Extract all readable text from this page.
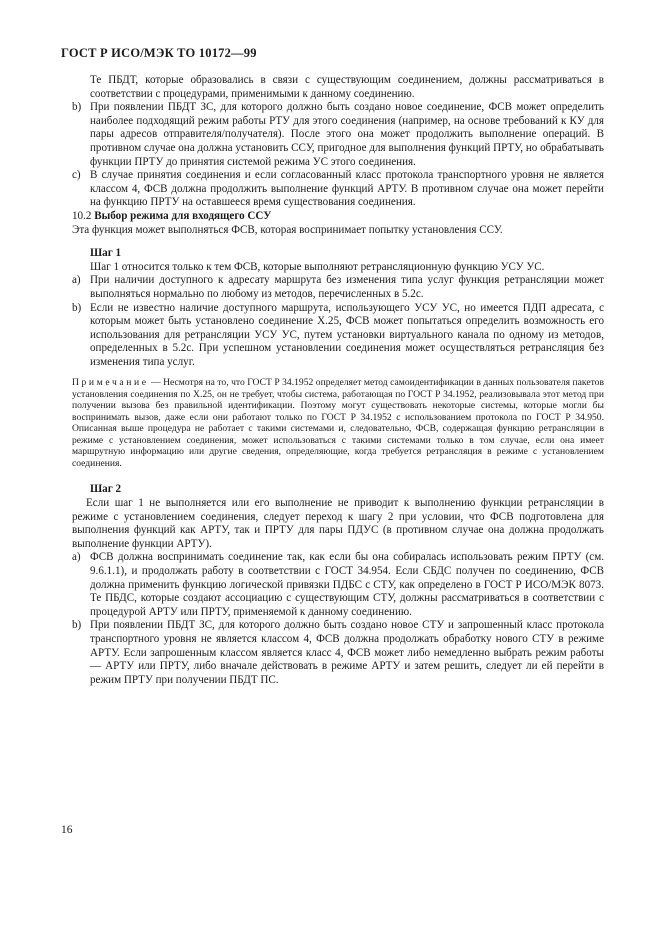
ГОСТ Р ИСО/МЭК ТО 10172—99

Те ПБДТ, которые образовались в связи с существующим соединением, должны рассматриваться в соответствии с процедурами, применимыми к данному соединению.

b) При появлении ПБДТ ЗС, для которого должно быть создано новое соединение, ФСВ может определить наиболее подходящий режим работы РТУ для этого соединения (например, на основе требований к КУ для пары адресов отправителя/получателя). После этого она может продолжить выполнение операций. В противном случае она должна установить ССУ, пригодное для выполнения функций ПРТУ, но обрабатывать функции ПРТУ до принятия системой режима УС этого соединения.
c) В случае принятия соединения и если согласованный класс протокола транспортного уровня не является классом 4, ФСВ должна продолжить выполнение функций АРТУ. В противном случае она может перейти на функцию ПРТУ на оставшееся время существования соединения.

10.2 Выбор режима для входящего ССУ

Эта функция может выполняться ФСВ, которая воспринимает попытку установления ССУ.

Шаг 1

Шаг 1 относится только к тем ФСВ, которые выполняют ретрансляционную функцию УСУ УС.

a) При наличии доступного к адресату маршрута без изменения типа услуг функция ретрансляции может выполняться нормально по любому из методов, перечисленных в 5.2c.
b) Если не известно наличие доступного маршрута, использующего УСУ УС, но имеется ПДП адресата, с которым может быть установлено соединение Х.25, ФСВ может попытаться определить возможность его использования для ретрансляции УСУ УС, путем установки виртуального канала по одному из методов, определенных в 5.2c. При успешном установлении соединения может осуществляться ретрансляция без изменения типа услуг.

Примечание — Несмотря на то, что ГОСТ Р 34.1952 определяет метод самоидентификации в данных пользователя пакетов установления соединения по Х.25, он не требует, чтобы система, работающая по ГОСТ Р 34.1952, реализовывала этот метод при получении вызова без правильной идентификации. Поэтому могут существовать некоторые системы, которые могли бы воспринимать вызов, даже если они работают только по ГОСТ Р 34.1952 с использованием протокола по ГОСТ Р 34.950. Описанная выше процедура не работает с такими системами и, следовательно, ФСВ, содержащая функцию ретрансляции в режиме с установлением соединения, может использоваться с такими системами только в том случае, если она имеет маршрутную информацию или другие сведения, определяющие, когда требуется ретрансляция в режиме с установлением соединения.

Шаг 2

Если шаг 1 не выполняется или его выполнение не приводит к выполнению функции ретрансляции в режиме с установлением соединения, следует переход к шагу 2 при условии, что ФСВ подготовлена для выполнения функций как АРТУ, так и ПРТУ для пары ПДУС (в противном случае она должна продолжать выполнение функции АРТУ).

a) ФСВ должна воспринимать соединение так, как если бы она собиралась использовать режим ПРТУ (см. 9.6.1.1), и продолжать работу в соответствии с ГОСТ 34.954. Если СБДС получен по соединению, ФСВ должна применить функцию логической привязки ПДБС с СТУ, как определено в ГОСТ Р ИСО/МЭК 8073. Те ПБДС, которые создают ассоциацию с существующим СТУ, должны рассматриваться в соответствии с процедурой АРТУ или ПРТУ, применяемой к данному соединению.
b) При появлении ПБДТ ЗС, для которого должно быть создано новое СТУ и запрошенный класс протокола транспортного уровня не является классом 4, ФСВ должна продолжать обработку нового СТУ в режиме АРТУ. Если запрошенным классом является класс 4, ФСВ может либо немедленно выбрать режим работы — АРТУ или ПРТУ, либо вначале действовать в режиме АРТУ и затем решить, следует ли ей перейти в режим ПРТУ при получении ПБДТ ПС.
16
